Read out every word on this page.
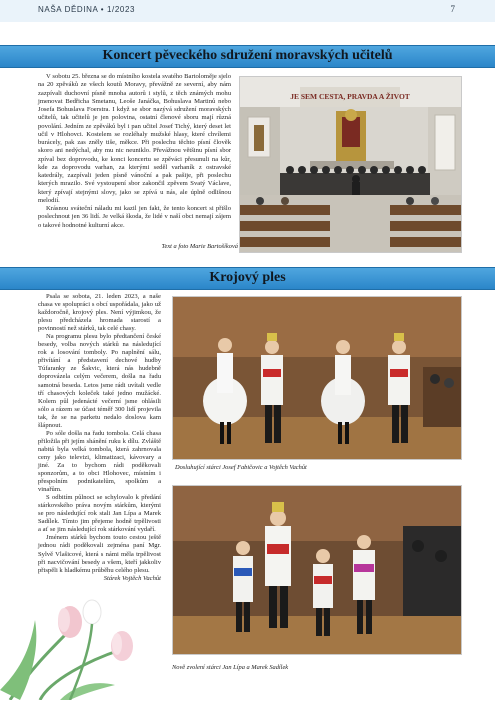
NAŠA DĚDINA • 1/2023	7
Koncert pěveckého sdružení moravských učitelů

V sobotu 25. března se do místního kostela svatého Bartoloměje sjelo na 20 zpěváků ze všech koutů Moravy, převážně ze severní, aby nám zazpívali duchovní písně mnoha autorů i stylů, z těch známých mohu jmenovat Bedřicha Smetanu, Leoše Janáčka, Bohuslava Martinů nebo Josefa Bohuslava Foerstra. I když se sbor nazývá sdružení moravských učitelů, tak učitelů je jen polovina, ostatní členové sboru mají různá povolání. Jedním ze zpěváků byl i pan učitel Josef Tichý, který deset let učil v Hlohovci. Kostelem se rozléhaly mužské hlasy, které chvílemi burácely, pak zas zněly tiše, měkce. Při poslechu těchto písní člověk skoro ani nedýchal, aby mu nic neuniklo. Převážnou většinu písní sbor zpíval bez doprovodu, ke konci koncertu se zpěváci přesunuli na kůr, kde za doprovodu varhan, za kterými seděl varhaník z ostravské katedrály, zazpívali jeden písně vánoční a pak pašije, při poslechu kterých mrazilo. Své vystoupení sbor zakončil zpěvem Svatý Václave, který zpívají stejnými slovy, jako se zpívá u nás, ale úplně odlišnou melodií.

Krásnou sváteční náladu mi kazil jen fakt, že tento koncert si přišlo poslechnout jen 36 lidí. Je velká škoda, že lidé v naší obci nemají zájem o takové hodnotné kulturní akce.

Text a foto Marie Bartošíková
JE SEM CESTA, PRAVDA A ŽIVOT
Krojový ples

Psala se sobota, 21. leden 2023, a naše chasa ve spolupráci s obcí uspořádala, jako už každoročně, krojový ples. Není výjimkou, že plesu předcházela hromada starostí a povinností než stárků, tak celé chasy.

Na programu plesu bylo předtančení české besedy, volba nových stárků na následující rok a losování tomboly. Po naplnění sálu, přivítání a představení dechové hudby Túfaranky ze Šakvic, která nás hudebně doprovázela celým večerem, došla na řadu samotná beseda. Letos jsme rádi uvítali vedle tří chasových koleček také jedno mužácké. Kolem půl jedenácté večerní jsme ohlásili sólo a rázem se účast téměř 300 lidí projevila tak, že se na parketu nedalo doslova kam šlápnout.

Po sóle došla na řadu tombola. Celá chasa přiložila při jejím shánění ruku k dílu. Zvláště nabitá byla velká tombola, která zahrnovala ceny jako televizi, klimatizaci, kávovary a jiné. Za to bychom rádi poděkovali sponzorům, a to obci Hlohovec, místním i přespolním podnikatelům, spolkům a vinařům.

S odbitím půlnoci se schylovalo k předání stárkovského práva novým stárkům, kterými se pro následující rok stali Jan Lípa a Marek Sadílek. Tímto jim přejeme hodně trpělivosti a ať se jim následující rok stárkování vydaří.

Jménem stárků bychom touto cestou ještě jednou rádi poděkovali zejména paní Mgr. Sylvě Vlašicové, která s námi měla trpělivost při nacvičování besedy a všem, kteří jakkoliv přispěli k hladkému průběhu celého plesu.

Stárek Vojtěch Vachůt

Dosluhující stárci Josef Fabičovic a Vojtěch Vachůt
Nově zvolení stárci Jan Lípa a Marek Sadílek
